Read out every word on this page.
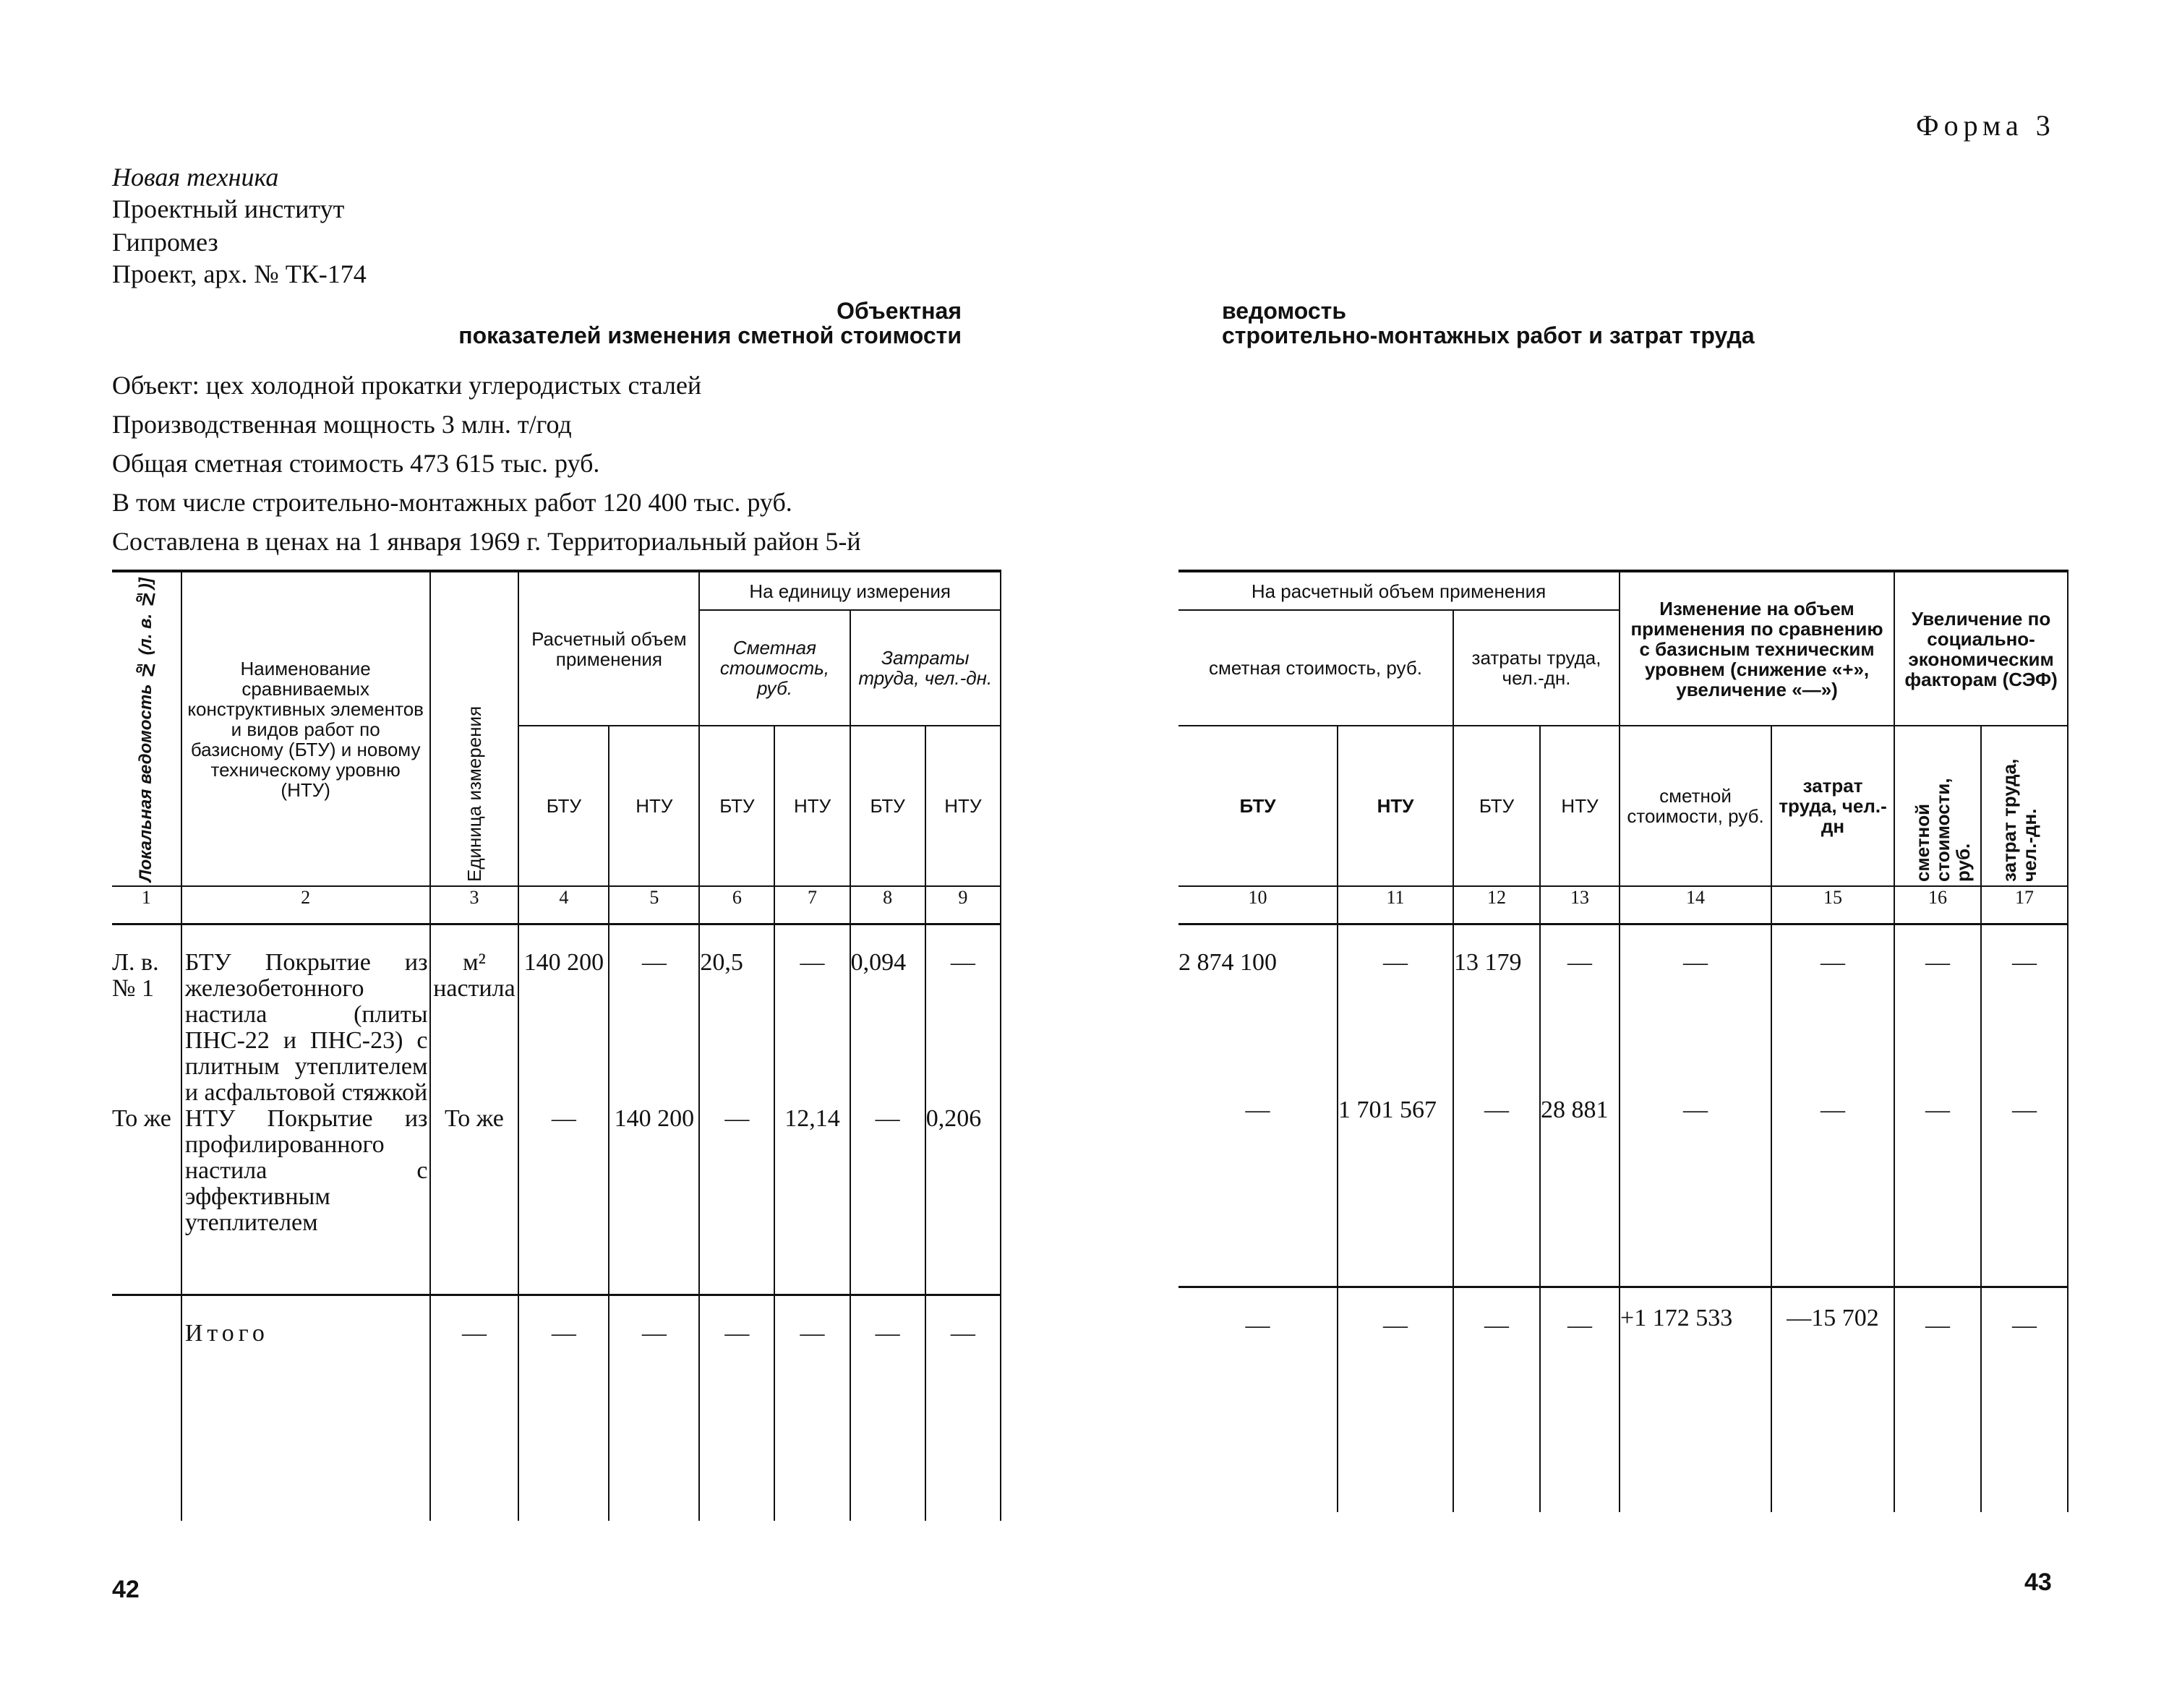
Форма 3
Новая техника
Проектный институт
Гипромез
Проект, арх. № ТК-174
Объектная
показателей изменения сметной стоимости
ведомость
строительно-монтажных работ и затрат труда
Объект: цех холодной прокатки углеродистых сталей
Производственная мощность 3 млн. т/год
Общая сметная стоимость 473 615 тыс. руб.
В том числе строительно-монтажных работ 120 400 тыс. руб.
Составлена в ценах на 1 января 1969 г. Территориальный район 5-й
Локальная ведомость № (л. в. №)]	Наименование сравниваемых конструктивных элементов и видов работ по базисному (БТУ) и новому техническому уровню (НТУ)	Единица измерения	Расчетный объем применения		На единицу измерения			

					Сметная стоимость, руб.		Затраты труда, чел.-дн.	

			БТУ	НТУ	БТУ	НТУ	БТУ	НТУ

1	2	3	4	5	6	7	8	9
Л. в. № 1	БТУ Покрытие из железобетонного настила (плиты ПНС-22 и ПНС-23) с плитным утеплителем и асфальтовой стяжкой	м² настила	140 200	—	20,5	—	0,094	—
То же	НТУ Покрытие из профилированного настила с эффективным утеплителем	То же	—	140 200	—	12,14	—	0,206
	Итого	—	—	—	—	—	—	—
На расчетный объем применения				Изменение на объем применения по сравнению с базисным техническим уровнем (снижение «+», увеличение «—»)		Увеличение по социально-экономическим факторам (СЭФ)	

сметная стоимость, руб.		затраты труда, чел.-дн.					

БТУ	НТУ	БТУ	НТУ	сметной стоимости, руб.	затрат труда, чел.-дн	сметной стоимости, руб.	затрат труда, чел.-дн.
10	11	12	13	14	15	16	17
2 874 100	—	13 179	—	—	—	—	—
—	1 701 567	—	28 881	—	—	—	—
—	—	—	—	+1 172 533	—15 702	—	—
42	43
